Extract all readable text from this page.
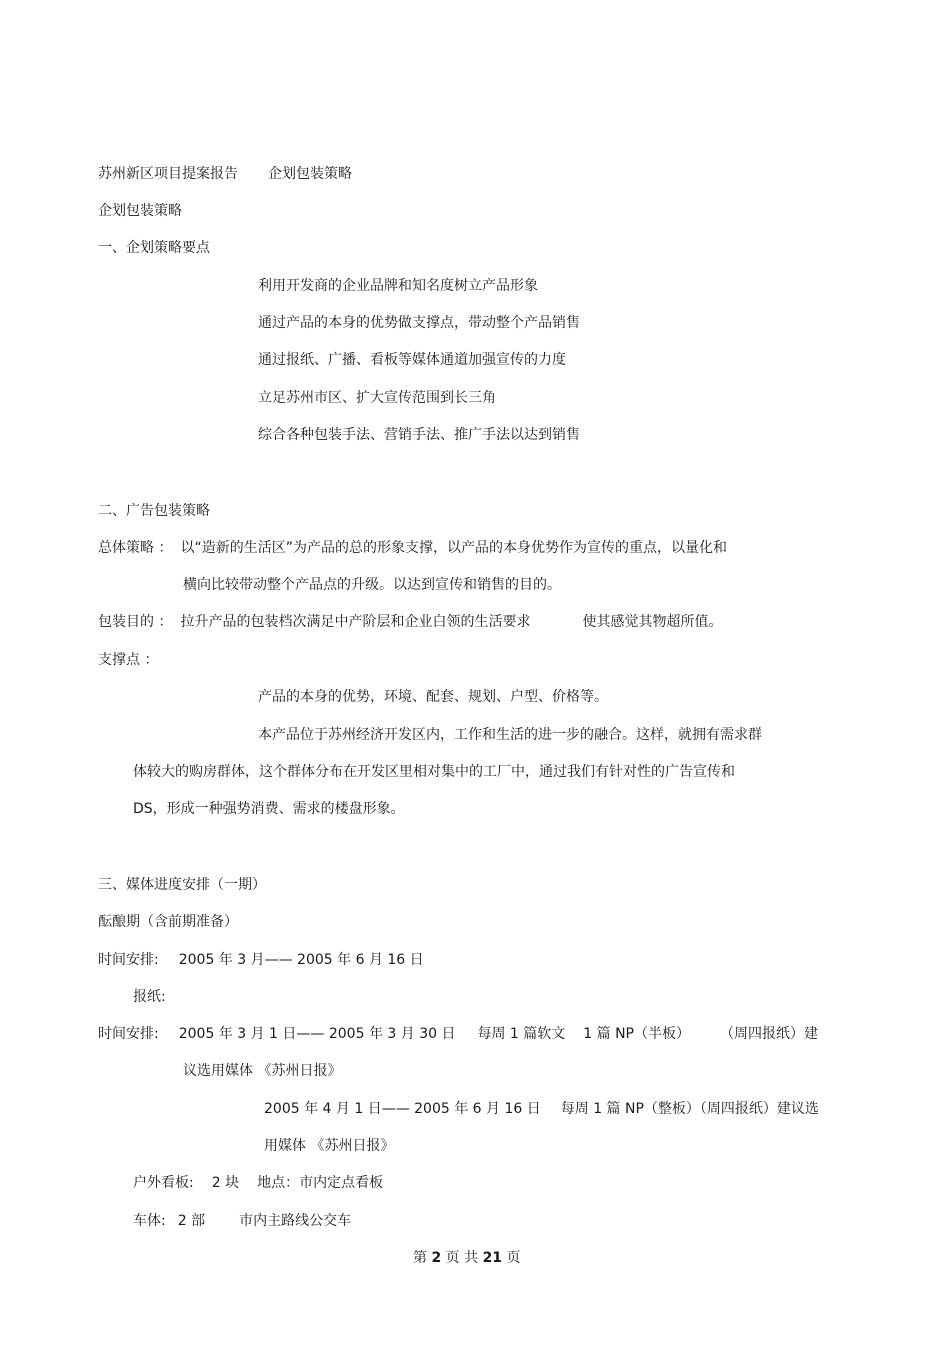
苏州新区项目提案报告 企划包装策略
企划包装策略
一、企划策略要点
利用开发商的企业品牌和知名度树立产品形象
通过产品的本身的优势做支撑点，带动整个产品销售
通过报纸、广播、看板等媒体通道加强宣传的力度
立足苏州市区、扩大宣传范围到长三角
综合各种包装手法、营销手法、推广手法以达到销售
二、广告包装策略
总体策略 ： 以“造新的生活区”为产品的总的形象支撑，以产品的本身优势作为宣传的重点，以量化和
横向比较带动整个产品点的升级。以达到宣传和销售的目的。
包装目的 ： 拉升产品的包装档次满足中产阶层和企业白领的生活要求	使其感觉其物超所值。
支撑点 ：
产品的本身的优势，环境、配套、规划、户型、价格等。
本产品位于苏州经济开发区内，工作和生活的进一步的融合。这样，就拥有需求群
体较大的购房群体，这个群体分布在开发区里相对集中的工厂中，通过我们有针对性的广告宣传和
DS，形成一种强势消费、需求的楼盘形象。
三、媒体进度安排（一期）
酝酿期（含前期准备）
时间安排: 2005 年 3 月—— 2005 年 6 月 16 日
报纸:
时间安排: 2005 年 3 月 1 日—— 2005 年 3 月 30 日 每周 1 篇软文 1 篇 NP（半板） （周四报纸）建
议选用媒体 《苏州日报》
2005 年 4 月 1 日—— 2005 年 6 月 16 日 每周 1 篇 NP（整板）（周四报纸）建议选
用媒体 《苏州日报》
户外看板: 2 块 地点：市内定点看板
车体: 2 部 市内主路线公交车
第 2 页 共 21 页
